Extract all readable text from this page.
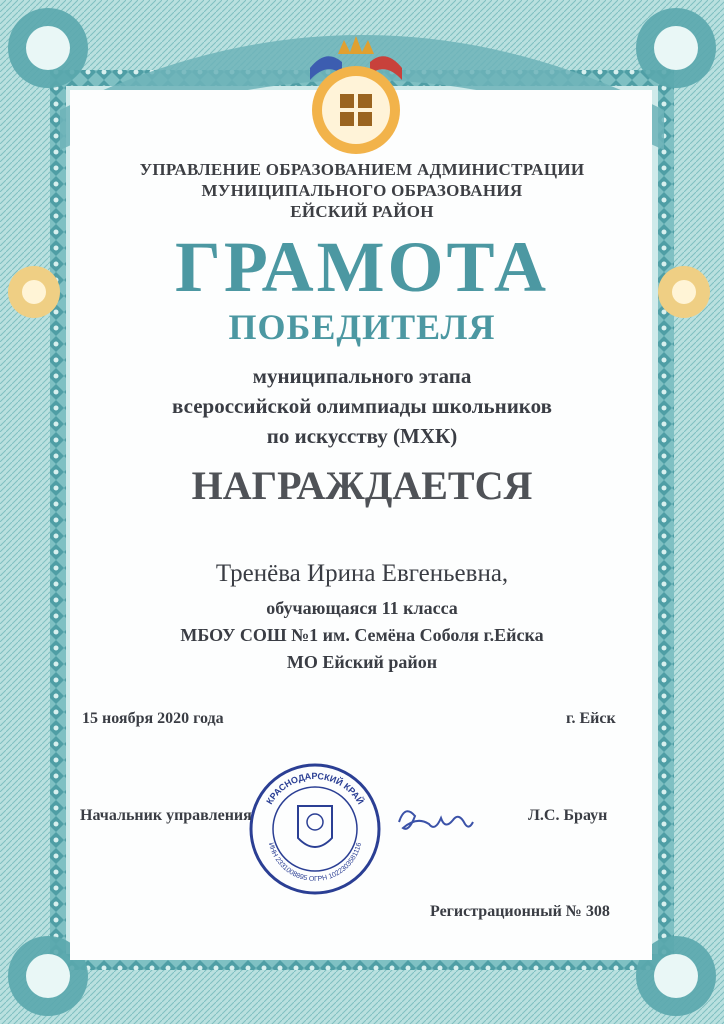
УПРАВЛЕНИЕ ОБРАЗОВАНИЕМ АДМИНИСТРАЦИИ
МУНИЦИПАЛЬНОГО ОБРАЗОВАНИЯ
ЕЙСКИЙ РАЙОН
ГРАМОТА
ПОБЕДИТЕЛЯ
муниципального этапа
всероссийской олимпиады школьников
по искусству (МХК)
НАГРАЖДАЕТСЯ
Тренёва Ирина Евгеньевна,
обучающаяся 11 класса
МБОУ СОШ №1 им. Семёна Соболя г.Ейска
МО Ейский район
15 ноября 2020 года	г. Ейск
КРАСНОДАРСКИЙ КРАЙ
ИНН 2331008895 ОГРН 1022303581116
Начальник управления	Л.С. Браун
Регистрационный № 308
